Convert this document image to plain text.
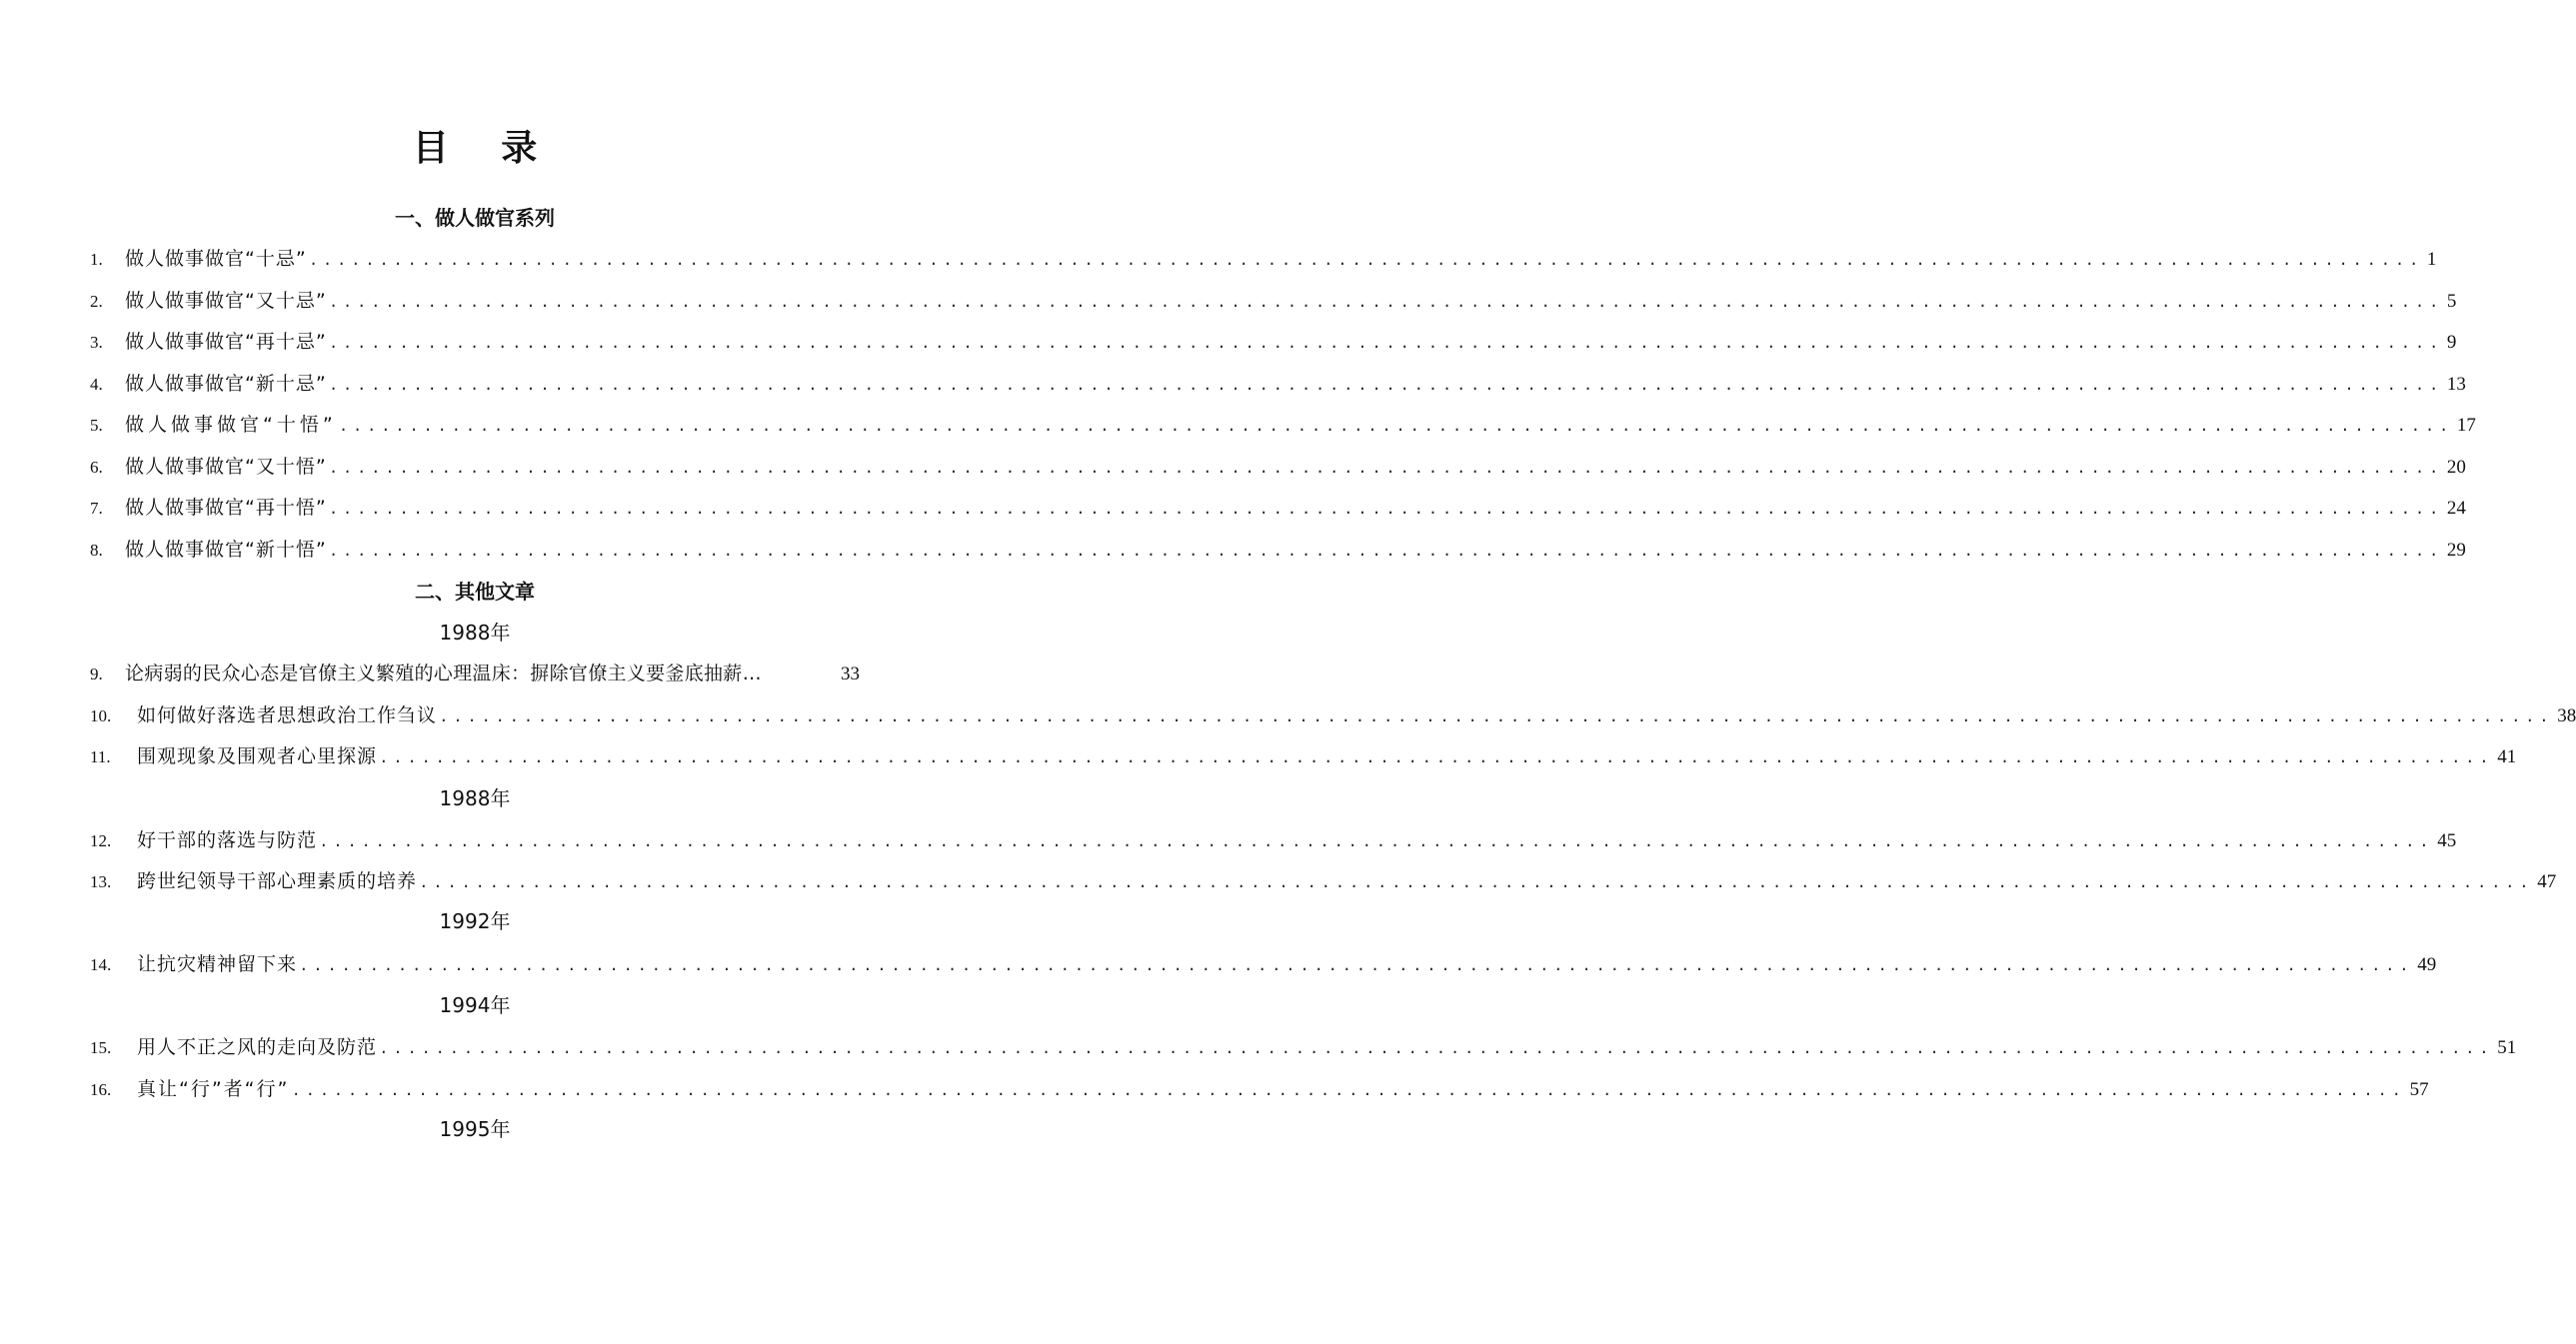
目 录
一、做人做官系列
1.	做人做事做官“十忌” .....	1
2.	做人做事做官“又十忌” .....	5
3.	做人做事做官“再十忌” .....	9
4.	做人做事做官“新十忌” .....	13
5.	做人做事做官“十悟” .....	17
6.	做人做事做官“又十悟” .....	20
7.	做人做事做官“再十悟” .....	24
8.	做人做事做官“新十悟” .....	29
二、其他文章
1988年
9.	论病弱的民众心态是官僚主义繁殖的心理温床：摒除官僚主义要釜底抽薪…	33
10.	如何做好落选者思想政治工作刍议 .....	38
11.	围观现象及围观者心里探源 .....	41
1988年
12.	好干部的落选与防范 .....	45
13.	跨世纪领导干部心理素质的培养 .....	47
1992年
14.	让抗灾精神留下来 .....	49
1994年
15.	用人不正之风的走向及防范 .....	51
16.	真让“行”者“行” .....	57
1995年
